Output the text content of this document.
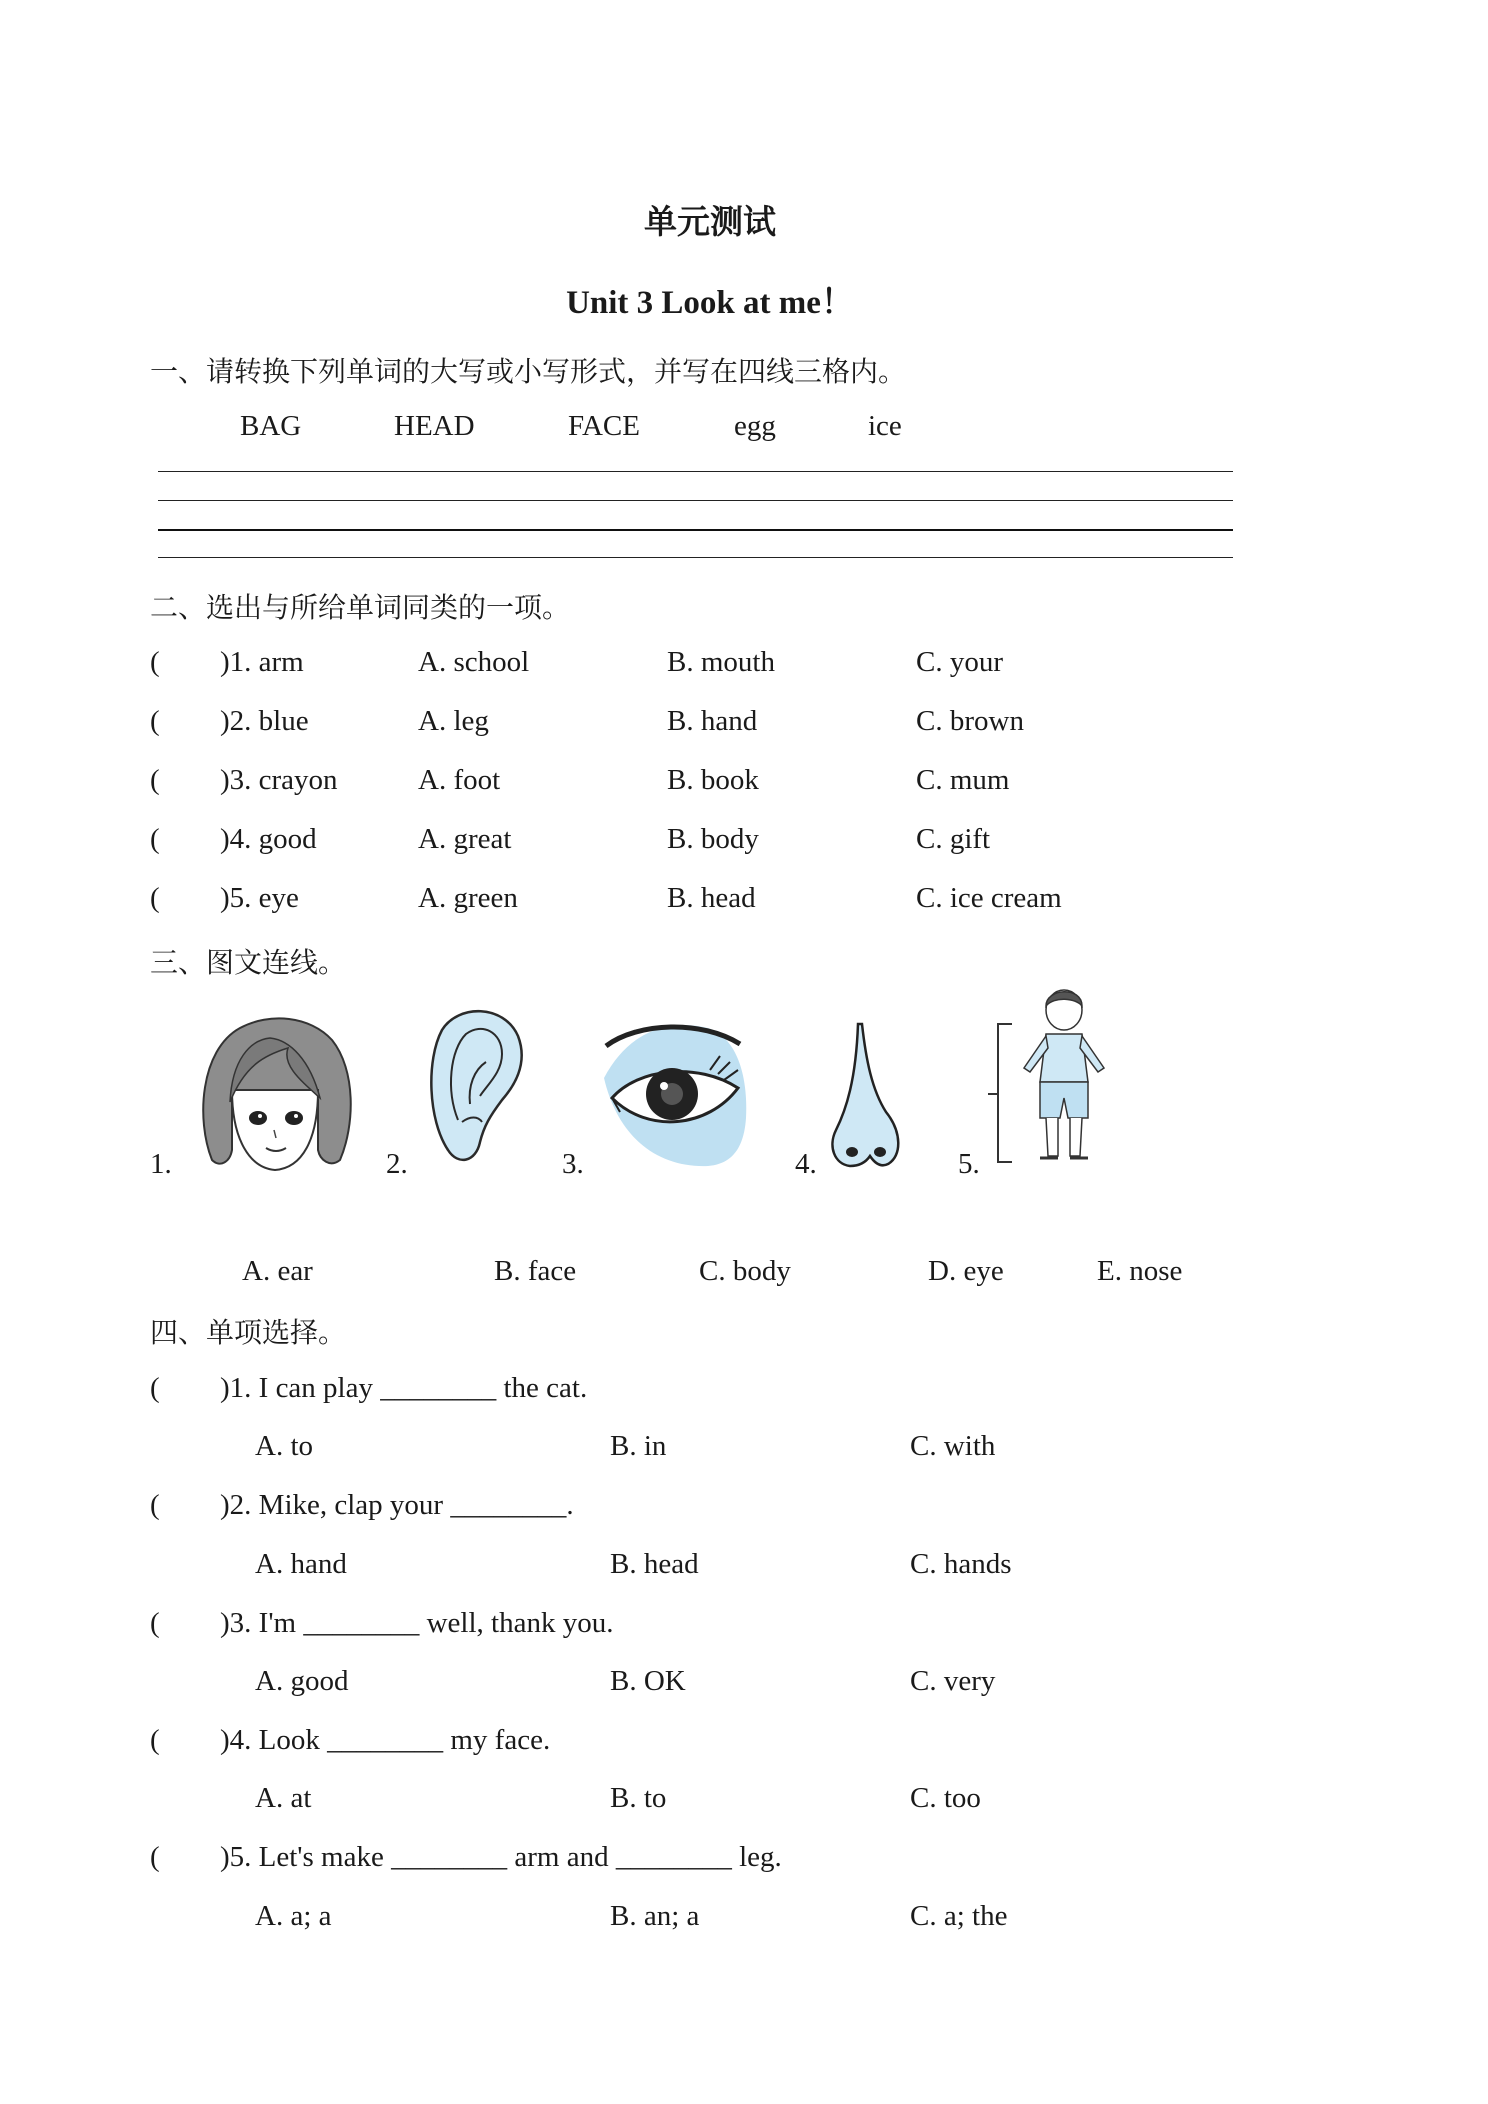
单元测试
Unit 3 Look at me！
一、请转换下列单词的大写或小写形式，并写在四线三格内。
BAG	HEAD	FACE	egg	ice
二、选出与所给单词同类的一项。
( )1. arm	A. school	B. mouth	C. your
( )2. blue	A. leg	B. hand	C. brown
( )3. crayon	A. foot	B. book	C. mum
( )4. good	A. great	B. body	C. gift
( )5. eye	A. green	B. head	C. ice cream
三、图文连线。
1.	2.	3.	4.	5.
A. ear	B. face	C. body	D. eye	E. nose
四、单项选择。
( )1. I can play ________ the cat.
A. to	B. in	C. with
( )2. Mike, clap your ________.
A. hand	B. head	C. hands
( )3. I'm ________ well, thank you.
A. good	B. OK	C. very
( )4. Look ________ my face.
A. at	B. to	C. too
( )5. Let's make ________ arm and ________ leg.
A. a; a	B. an; a	C. a; the
